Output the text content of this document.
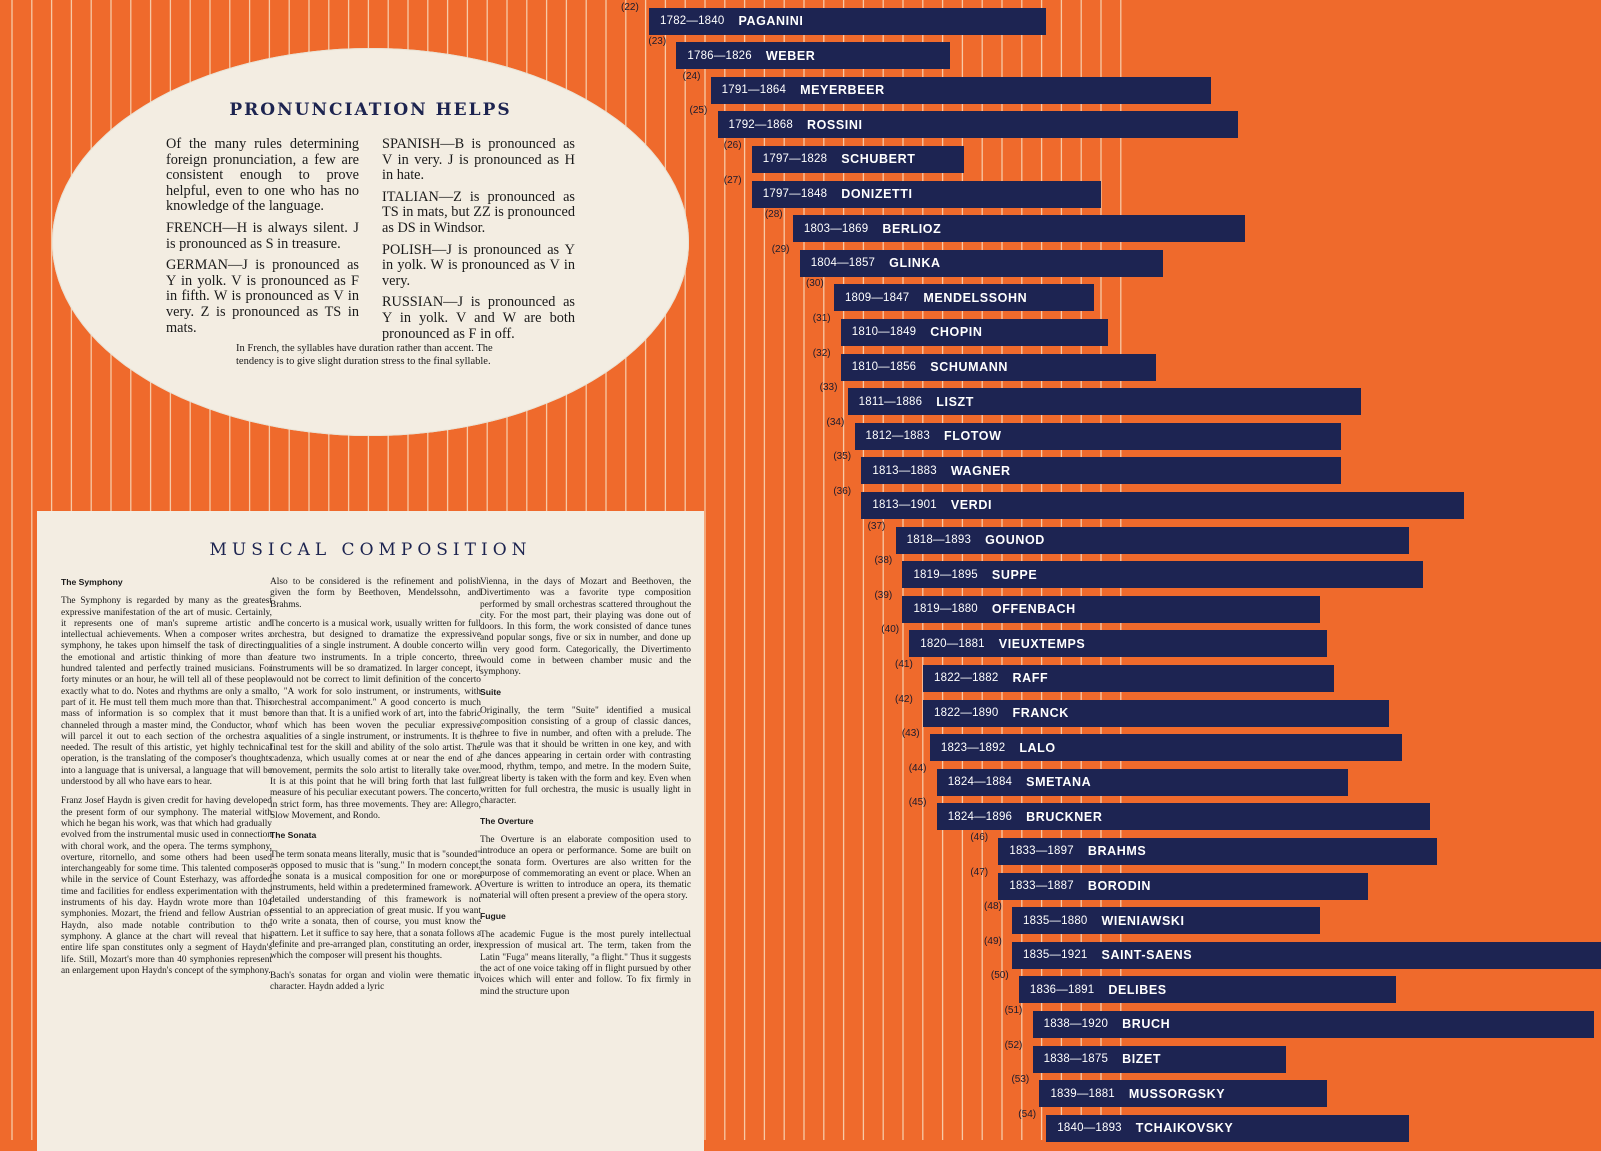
PRONUNCIATION HELPS

Of the many rules determining foreign pronunciation, a few are consistent enough to prove helpful, even to one who has no knowledge of the language.

FRENCH—H is always silent. J is pronounced as S in treasure.

GERMAN—J is pronounced as Y in yolk. V is pronounced as F in fifth. W is pronounced as V in very. Z is pronounced as TS in mats.

SPANISH—B is pronounced as V in very. J is pronounced as H in hate.

ITALIAN—Z is pronounced as TS in mats, but ZZ is pronounced as DS in Windsor.

POLISH—J is pronounced as Y in yolk. W is pronounced as V in very.

RUSSIAN—J is pronounced as Y in yolk. V and W are both pronounced as F in off.

In French, the syllables have duration rather than accent. The tendency is to give slight duration stress to the final syllable.
MUSICAL COMPOSITION
The Symphony

The Symphony is regarded by many as the greatest expressive manifestation of the art of music. Certainly, it represents one of man's supreme artistic and intellectual achievements. When a composer writes a symphony, he takes upon himself the task of directing the emotional and artistic thinking of more than a hundred talented and perfectly trained musicians. For forty minutes or an hour, he will tell all of these people exactly what to do. Notes and rhythms are only a small part of it. He must tell them much more than that. This mass of information is so complex that it must be channeled through a master mind, the Conductor, who will parcel it out to each section of the orchestra as needed. The result of this artistic, yet highly technical operation, is the translating of the composer's thoughts into a language that is universal, a language that will be understood by all who have ears to hear.

Franz Josef Haydn is given credit for having developed the present form of our symphony. The material with which he began his work, was that which had gradually evolved from the instrumental music used in connection with choral work, and the opera. The terms symphony, overture, ritornello, and some others had been used interchangeably for some time. This talented composer, while in the service of Count Esterhazy, was afforded time and facilities for endless experimentation with the instruments of his day. Haydn wrote more than 104 symphonies. Mozart, the friend and fellow Austrian of Haydn, also made notable contribution to the symphony. A glance at the chart will reveal that his entire life span constitutes only a segment of Haydn's life. Still, Mozart's more than 40 symphonies represent an enlargement upon Haydn's concept of the symphony.

Also to be considered is the refinement and polish given the form by Beethoven, Mendelssohn, and Brahms.

The concerto is a musical work, usually written for full orchestra, but designed to dramatize the expressive qualities of a single instrument. A double concerto will feature two instruments. In a triple concerto, three instruments will be so dramatized. In larger concept, it would not be correct to limit definition of the concerto to, "A work for solo instrument, or instruments, with orchestral accompaniment." A good concerto is much more than that. It is a unified work of art, into the fabric of which has been woven the peculiar expressive qualities of a single instrument, or instruments. It is the final test for the skill and ability of the solo artist. The cadenza, which usually comes at or near the end of a movement, permits the solo artist to literally take over. It is at this point that he will bring forth that last full measure of his peculiar executant powers. The concerto, in strict form, has three movements. They are: Allegro, Slow Movement, and Rondo.

The Sonata

The term sonata means literally, music that is "sounded" as opposed to music that is "sung." In modern concept, the sonata is a musical composition for one or more instruments, held within a predetermined framework. A detailed understanding of this framework is not essential to an appreciation of great music. If you want to write a sonata, then of course, you must know the pattern. Let it suffice to say here, that a sonata follows a definite and pre-arranged plan, constituting an order, in which the composer will present his thoughts.

Bach's sonatas for organ and violin were thematic in character. Haydn added a lyric

Vienna, in the days of Mozart and Beethoven, the Divertimento was a favorite type composition performed by small orchestras scattered throughout the city. For the most part, their playing was done out of doors. In this form, the work consisted of dance tunes and popular songs, five or six in number, and done up in very good form. Categorically, the Divertimento would come in between chamber music and the symphony.

Suite

Originally, the term "Suite" identified a musical composition consisting of a group of classic dances, three to five in number, and often with a prelude. The rule was that it should be written in one key, and with the dances appearing in certain order with contrasting mood, rhythm, tempo, and metre. In the modern Suite, great liberty is taken with the form and key. Even when written for full orchestra, the music is usually light in character.

The Overture

The Overture is an elaborate composition used to introduce an opera or performance. Some are built on the sonata form. Overtures are also written for the purpose of commemorating an event or place. When an Overture is written to introduce an opera, its thematic material will often present a preview of the opera story.

Fugue

The academic Fugue is the most purely intellectual expression of musical art. The term, taken from the Latin "Fuga" means literally, "a flight." Thus it suggests the act of one voice taking off in flight pursued by other voices which will enter and follow. To fix firmly in mind the structure upon

(22)
1782—1840 PAGANINI
(23)
1786—1826 WEBER
(24)
1791—1864 MEYERBEER
(25)
1792—1868 ROSSINI
(26)
1797—1828 SCHUBERT
(27)
1797—1848 DONIZETTI
(28)
1803—1869 BERLIOZ
(29)
1804—1857 GLINKA
(30)
1809—1847 MENDELSSOHN
(31)
1810—1849 CHOPIN
(32)
1810—1856 SCHUMANN
(33)
1811—1886 LISZT
(34)
1812—1883 FLOTOW
(35)
1813—1883 WAGNER
(36)
1813—1901 VERDI
(37)
1818—1893 GOUNOD
(38)
1819—1895 SUPPE
(39)
1819—1880 OFFENBACH
(40)
1820—1881 VIEUXTEMPS
(41)
1822—1882 RAFF
(42)
1822—1890 FRANCK
(43)
1823—1892 LALO
(44)
1824—1884 SMETANA
(45)
1824—1896 BRUCKNER
(46)
1833—1897 BRAHMS
(47)
1833—1887 BORODIN
(48)
1835—1880 WIENIAWSKI
(49)
1835—1921 SAINT-SAENS
(50)
1836—1891 DELIBES
(51)
1838—1920 BRUCH
(52)
1838—1875 BIZET
(53)
1839—1881 MUSSORGSKY
(54)
1840—1893 TCHAIKOVSKY
